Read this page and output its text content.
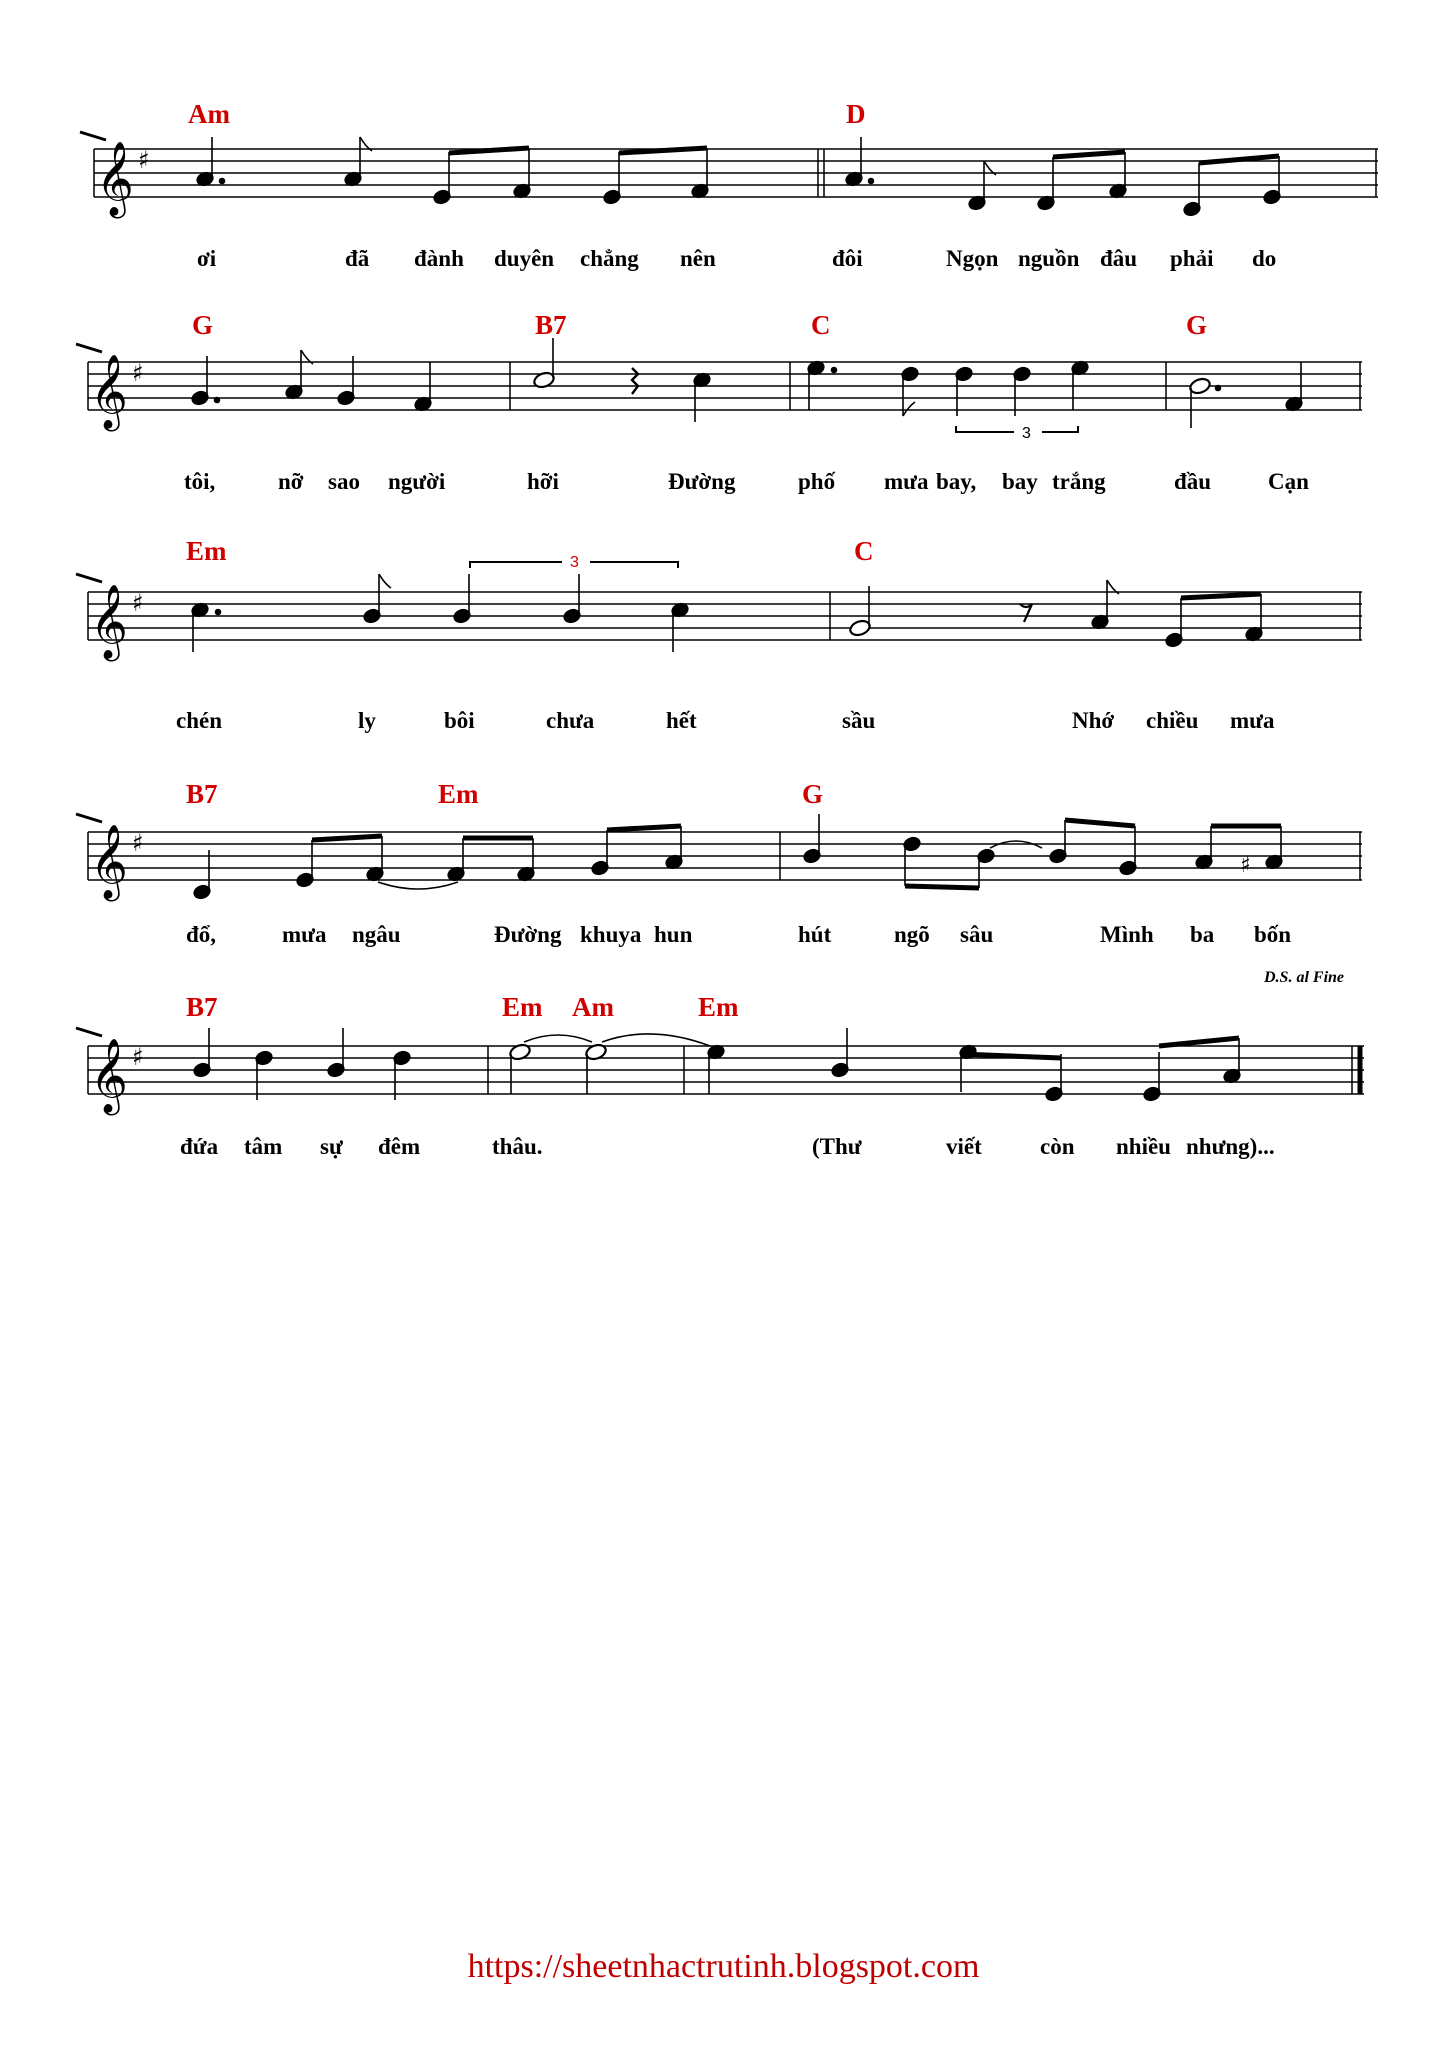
𝄞 ♯
Am	D
ơi	đã đành duyên chẳng nên	đôi	Ngọn nguồn đâu phải do
𝄞 ♯
3
G	B7	C	G
tôi,	nỡ sao người	hỡi	Đường	phố mưa bay, bay trắng	đầu Cạn
𝄞 ♯
3
Em	C
chén	ly	bôi	chưa	hết	sầu	Nhớ chiều mưa
𝄞 ♯
♯
B7	Em	G
đổ,	mưa ngâu	Đường khuya hun	hút	ngõ sâu	Mình ba bốn
𝄞 ♯
D.S. al Fine
B7	Em Am	Em
đứa tâm sự đêm	thâu.	(Thư	viết	còn nhiều nhưng)...
https://sheetnhactrutinh.blogspot.com
